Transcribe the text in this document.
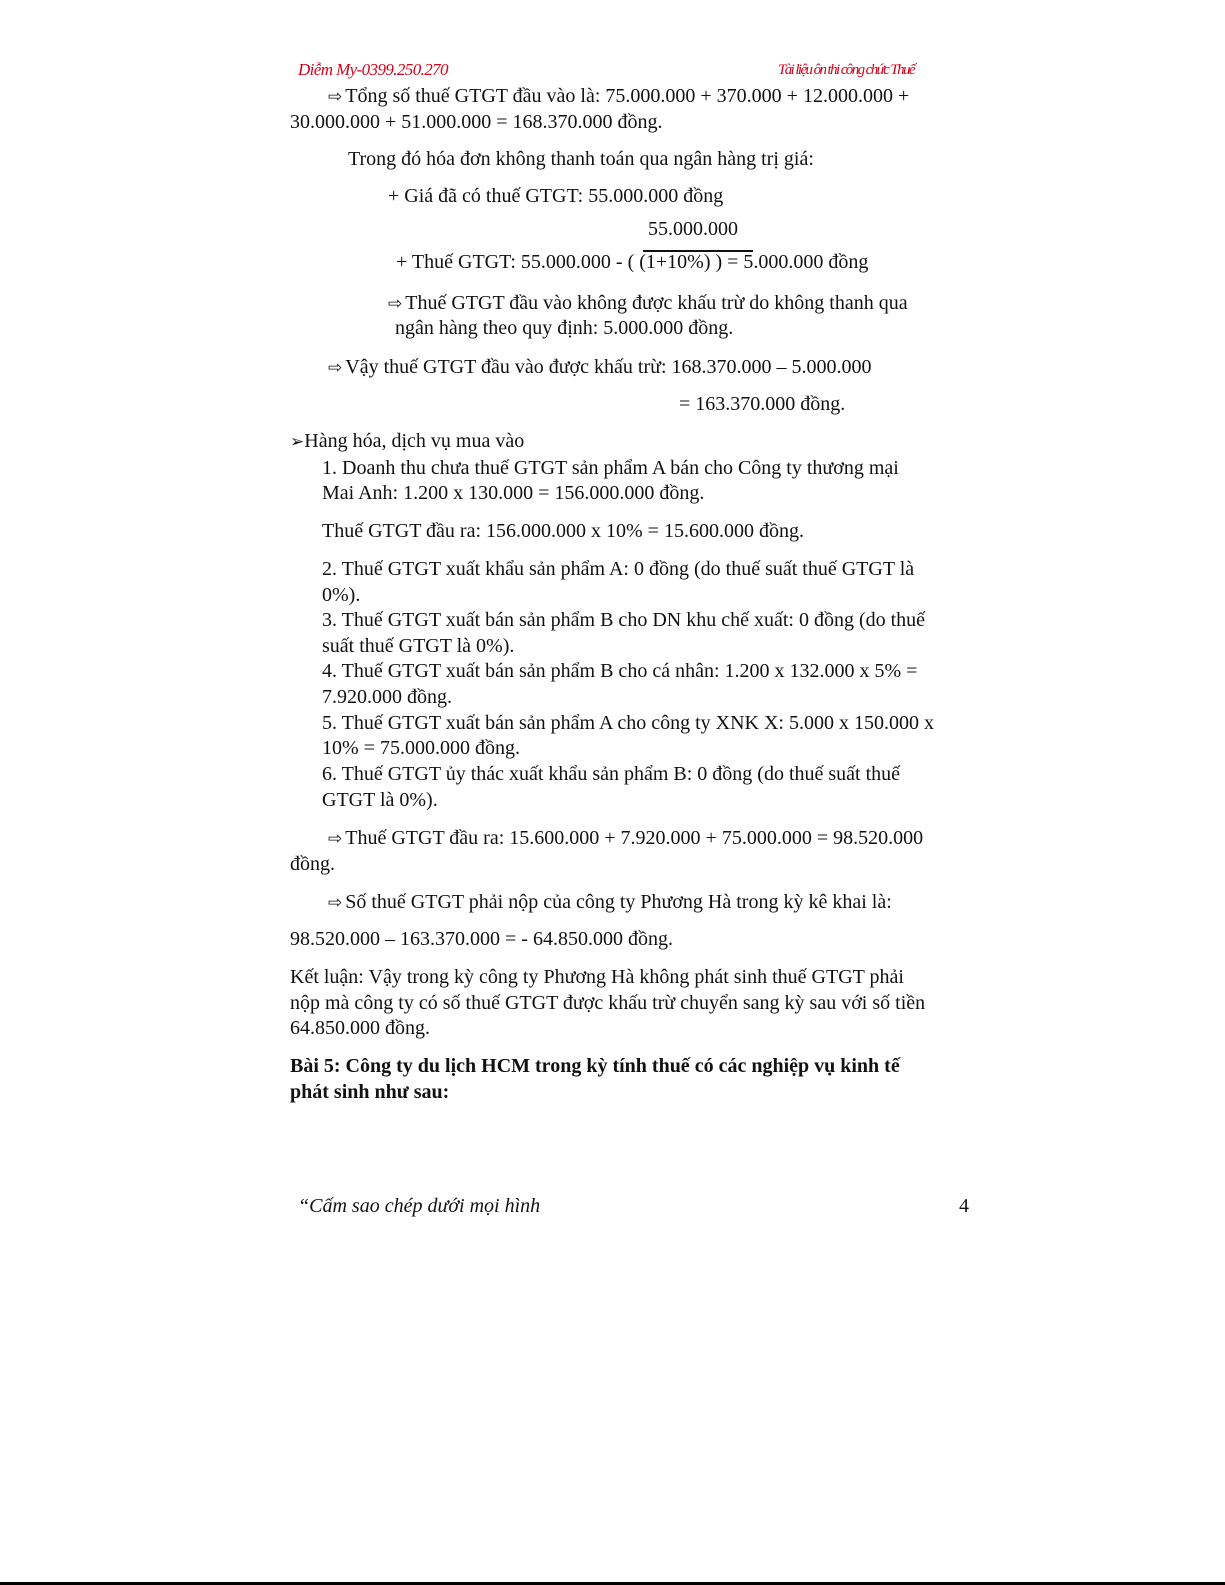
Diễm My-0399.250.270	Tài liệu ôn thi công chức Thuế
⇨ Tổng số thuế GTGT đầu vào là: 75.000.000 + 370.000 + 12.000.000 +
30.000.000 + 51.000.000 = 168.370.000 đồng.
Trong đó hóa đơn không thanh toán qua ngân hàng trị giá:
+ Giá đã có thuế GTGT: 55.000.000 đồng
55.000.000
+ Thuế GTGT: 55.000.000 - ( (1+10%) ) = 5.000.000 đồng
⇨ Thuế GTGT đầu vào không được khấu trừ do không thanh qua
ngân hàng theo quy định: 5.000.000 đồng.
⇨ Vậy thuế GTGT đầu vào được khấu trừ: 168.370.000 – 5.000.000
= 163.370.000 đồng.
➢Hàng hóa, dịch vụ mua vào
1. Doanh thu chưa thuế GTGT sản phẩm A bán cho Công ty thương mại
Mai Anh: 1.200 x 130.000 = 156.000.000 đồng.
Thuế GTGT đầu ra: 156.000.000 x 10% = 15.600.000 đồng.
2. Thuế GTGT xuất khẩu sản phẩm A: 0 đồng (do thuế suất thuế GTGT là
0%).
3. Thuế GTGT xuất bán sản phẩm B cho DN khu chế xuất: 0 đồng (do thuế
suất thuế GTGT là 0%).
4. Thuế GTGT xuất bán sản phẩm B cho cá nhân: 1.200 x 132.000 x 5% =
7.920.000 đồng.
5. Thuế GTGT xuất bán sản phẩm A cho công ty XNK X: 5.000 x 150.000 x
10% = 75.000.000 đồng.
6. Thuế GTGT ủy thác xuất khẩu sản phẩm B: 0 đồng (do thuế suất thuế
GTGT là 0%).
⇨ Thuế GTGT đầu ra: 15.600.000 + 7.920.000 + 75.000.000 = 98.520.000
đồng.
⇨ Số thuế GTGT phải nộp của công ty Phương Hà trong kỳ kê khai là:
98.520.000 – 163.370.000 = - 64.850.000 đồng.
Kết luận: Vậy trong kỳ công ty Phương Hà không phát sinh thuế GTGT phải
nộp mà công ty có số thuế GTGT được khấu trừ chuyển sang kỳ sau với số tiền
64.850.000 đồng.
Bài 5: Công ty du lịch HCM trong kỳ tính thuế có các nghiệp vụ kinh tế
phát sinh như sau:
“Cấm sao chép dưới mọi hình	4
